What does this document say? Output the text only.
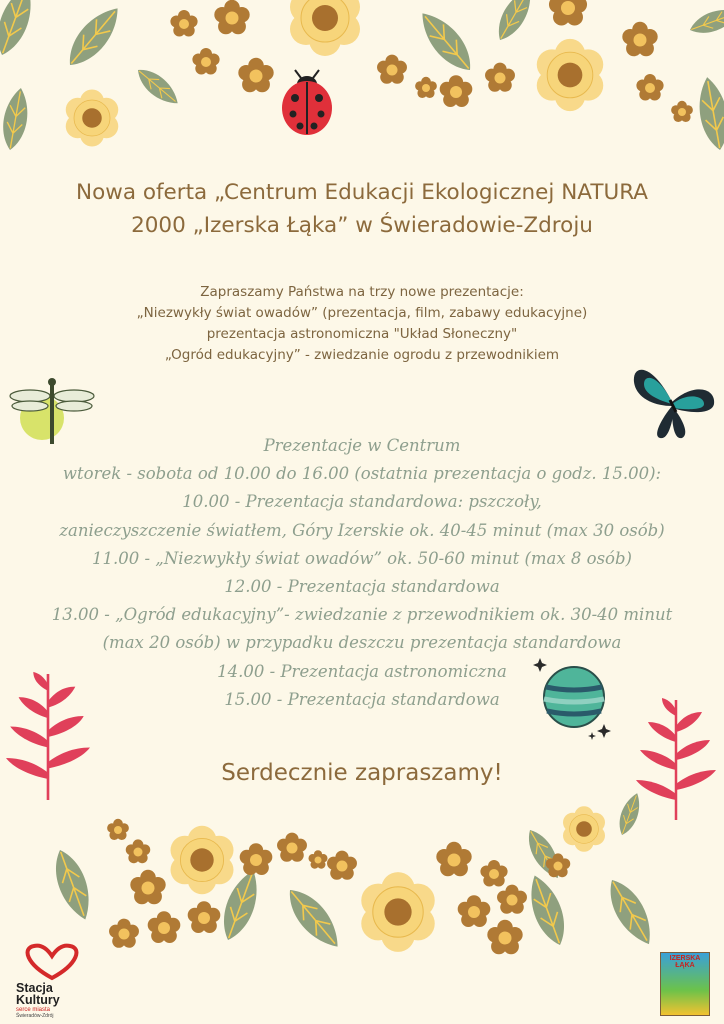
Nowa oferta „Centrum Edukacji Ekologicznej NATURA
2000 „Izerska Łąka” w Świeradowie-Zdroju
Zapraszamy Państwa na trzy nowe prezentacje:
„Niezwykły świat owadów” (prezentacja, film, zabawy edukacyjne)
prezentacja astronomiczna "Układ Słoneczny"
„Ogród edukacyjny” - zwiedzanie ogrodu z przewodnikiem
Prezentacje w Centrum
wtorek - sobota od 10.00 do 16.00 (ostatnia prezentacja o godz. 15.00):
10.00 - Prezentacja standardowa: pszczoły,
zanieczyszczenie światłem, Góry Izerskie ok. 40-45 minut (max 30 osób)
11.00 - „Niezwykły świat owadów” ok. 50-60 minut (max 8 osób)
12.00 - Prezentacja standardowa
13.00 - „Ogród edukacyjny”- zwiedzanie z przewodnikiem ok. 30-40 minut
(max 20 osób) w przypadku deszczu prezentacja standardowa
14.00 - Prezentacja astronomiczna
15.00 - Prezentacja standardowa
Serdecznie zapraszamy!
Stacja
Kultury
serce miasta
Świeradów-Zdrój
IZERSKA ŁĄKA
